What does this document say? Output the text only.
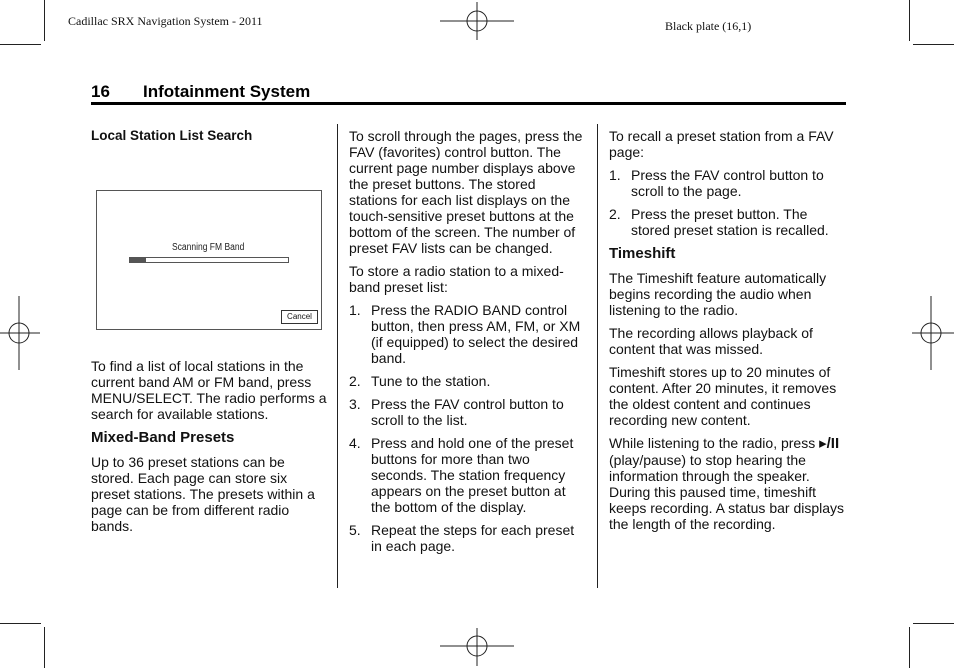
Cadillac SRX Navigation System - 2011	Black plate (16,1)
16 Infotainment System
Local Station List Search
Scanning FM Band
Cancel

To find a list of local stations in the current band AM or FM band, press MENU/SELECT. The radio performs a search for available stations.

Mixed-Band Presets

Up to 36 preset stations can be stored. Each page can store six preset stations. The presets within a page can be from different radio bands.

To scroll through the pages, press the FAV (favorites) control button. The current page number displays above the preset buttons. The stored stations for each list displays on the touch-sensitive preset buttons at the bottom of the screen. The number of preset FAV lists can be changed.

To store a radio station to a mixed-band preset list:

1. Press the RADIO BAND control button, then press AM, FM, or XM (if equipped) to select the desired band.
2. Tune to the station.
3. Press the FAV control button to scroll to the list.
4. Press and hold one of the preset buttons for more than two seconds. The station frequency appears on the preset button at the bottom of the display.
5. Repeat the steps for each preset in each page.

To recall a preset station from a FAV page:

1. Press the FAV control button to scroll to the page.
2. Press the preset button. The stored preset station is recalled.
Timeshift

The Timeshift feature automatically begins recording the audio when listening to the radio.

The recording allows playback of content that was missed.

Timeshift stores up to 20 minutes of content. After 20 minutes, it removes the oldest content and continues recording new content.

While listening to the radio, press ▸/II (play/pause) to stop hearing the information through the speaker. During this paused time, timeshift keeps recording. A status bar displays the length of the recording.
